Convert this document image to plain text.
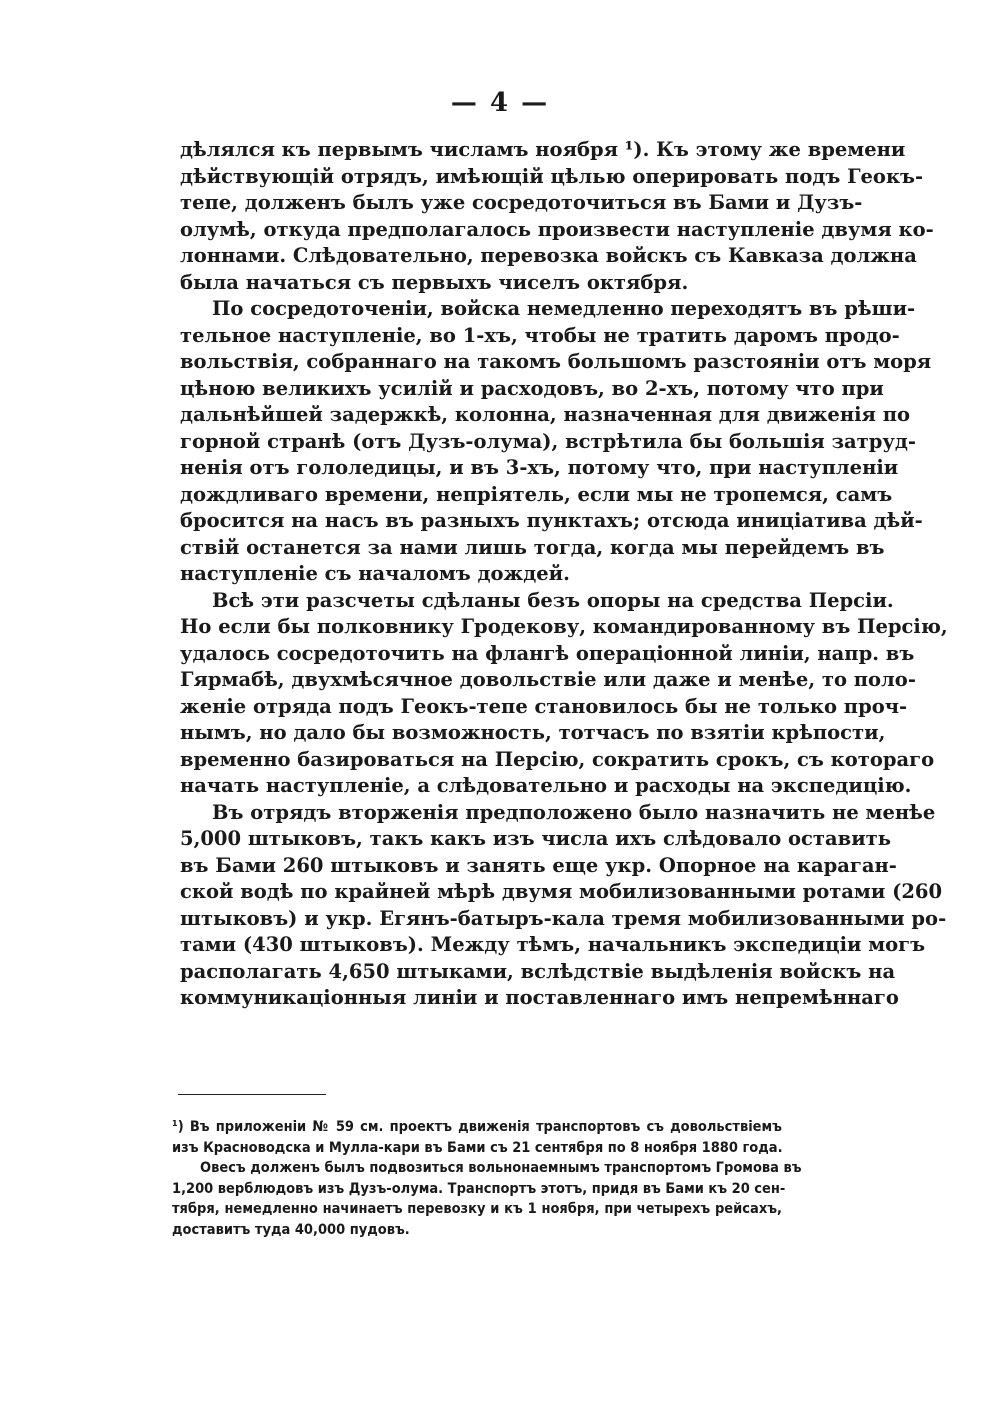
— 4 —
дѣлялся къ первымъ числамъ ноября ¹). Къ этому же времени
дѣйствующій отрядъ, имѣющій цѣлью оперировать подъ Геокъ-
тепе, долженъ былъ уже сосредоточиться въ Бами и Дузъ-
олумѣ, откуда предполагалось произвести наступленіе двумя ко-
лоннами. Слѣдовательно, перевозка войскъ съ Кавказа должна
была начаться съ первыхъ чиселъ октября.
По сосредоточеніи, войска немедленно переходятъ въ рѣши-
тельное наступленіе, во 1-хъ, чтобы не тратить даромъ продо-
вольствія, собраннаго на такомъ большомъ разстояніи отъ моря
цѣною великихъ усилій и расходовъ, во 2-хъ, потому что при
дальнѣйшей задержкѣ, колонна, назначенная для движенія по
горной странѣ (отъ Дузъ-олума), встрѣтила бы большія затруд-
ненія отъ гололедицы, и въ 3-хъ, потому что, при наступленіи
дождливаго времени, непріятель, если мы не тропемся, самъ
бросится на насъ въ разныхъ пунктахъ; отсюда иниціатива дѣй-
ствій останется за нами лишь тогда, когда мы перейдемъ въ
наступленіе съ началомъ дождей.
Всѣ эти разсчеты сдѣланы безъ опоры на средства Персіи.
Но если бы полковнику Гродекову, командированному въ Персію,
удалось сосредоточить на флангѣ операціонной линіи, напр. въ
Гярмабѣ, двухмѣсячное довольствіе или даже и менѣе, то поло-
женіе отряда подъ Геокъ-тепе становилось бы не только проч-
нымъ, но дало бы возможность, тотчасъ по взятіи крѣпости,
временно базироваться на Персію, сократить срокъ, съ котораго
начать наступленіе, а слѣдовательно и расходы на экспедицію.
Въ отрядъ вторженія предположено было назначить не менѣе
5,000 штыковъ, такъ какъ изъ числа ихъ слѣдовало оставить
въ Бами 260 штыковъ и занять еще укр. Опорное на караган-
ской водѣ по крайней мѣрѣ двумя мобилизованными ротами (260
штыковъ) и укр. Егянъ-батыръ-кала тремя мобилизованными ро-
тами (430 штыковъ). Между тѣмъ, начальникъ экспедиціи могъ
располагать 4,650 штыками, вслѣдствіе выдѣленія войскъ на
коммуникаціонныя линіи и поставленнаго имъ непремѣннаго
¹) Въ приложеніи № 59 см. проектъ движенія транспортовъ съ довольствіемъ
изъ Красноводска и Мулла-кари въ Бами съ 21 сентября по 8 ноября 1880 года.
Овесъ долженъ былъ подвозиться вольнонаемнымъ транспортомъ Громова въ
1,200 верблюдовъ изъ Дузъ-олума. Транспортъ этотъ, придя въ Бами къ 20 сен-
тября, немедленно начинаетъ перевозку и къ 1 ноября, при четырехъ рейсахъ,
доставитъ туда 40,000 пудовъ.
